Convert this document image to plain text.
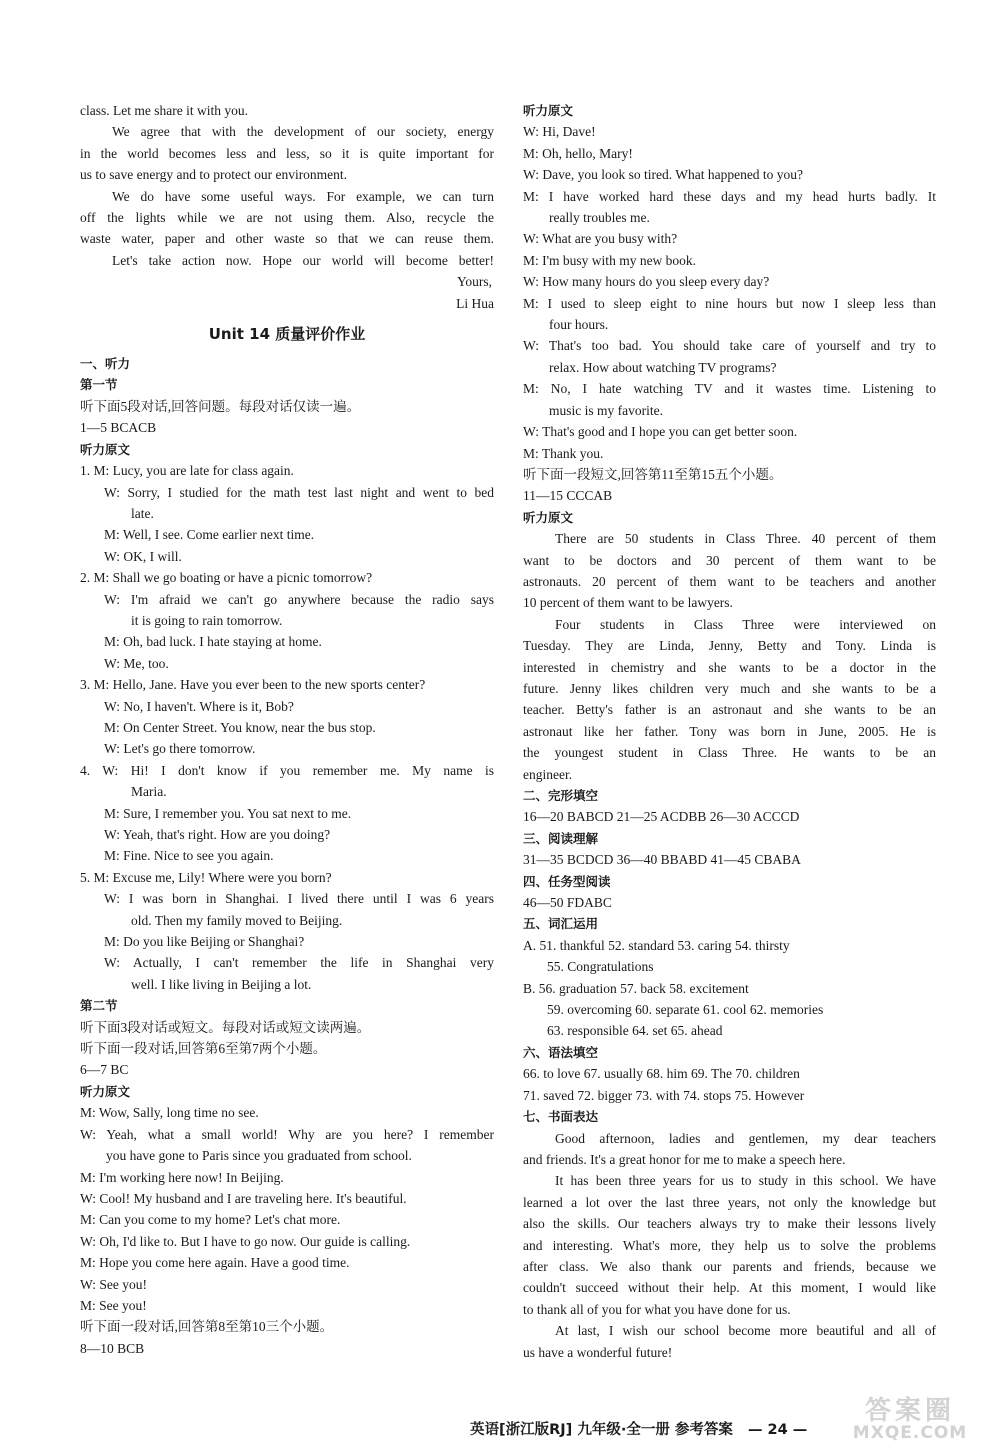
class. Let me share it with you.
We agree that with the development of our society, energy
in the world becomes less and less, so it is quite important for
us to save energy and to protect our environment.
We do have some useful ways. For example, we can turn
off the lights while we are not using them. Also, recycle the
waste water, paper and other waste so that we can reuse them.
Let's take action now. Hope our world will become better!
Yours,
Li Hua
Unit 14 质量评价作业
一、听力
第一节
听下面5段对话,回答问题。每段对话仅读一遍。
1—5 BCACB
听力原文
1. M: Lucy, you are late for class again.
W: Sorry, I studied for the math test last night and went to bed
late.
M: Well, I see. Come earlier next time.
W: OK, I will.
2. M: Shall we go boating or have a picnic tomorrow?
W: I'm afraid we can't go anywhere because the radio says
it is going to rain tomorrow.
M: Oh, bad luck. I hate staying at home.
W: Me, too.
3. M: Hello, Jane. Have you ever been to the new sports center?
W: No, I haven't. Where is it, Bob?
M: On Center Street. You know, near the bus stop.
W: Let's go there tomorrow.
4. W: Hi! I don't know if you remember me. My name is
Maria.
M: Sure, I remember you. You sat next to me.
W: Yeah, that's right. How are you doing?
M: Fine. Nice to see you again.
5. M: Excuse me, Lily! Where were you born?
W: I was born in Shanghai. I lived there until I was 6 years
old. Then my family moved to Beijing.
M: Do you like Beijing or Shanghai?
W: Actually, I can't remember the life in Shanghai very
well. I like living in Beijing a lot.
第二节
听下面3段对话或短文。每段对话或短文读两遍。
听下面一段对话,回答第6至第7两个小题。
6—7 BC
听力原文
M: Wow, Sally, long time no see.
W: Yeah, what a small world! Why are you here? I remember
you have gone to Paris since you graduated from school.
M: I'm working here now! In Beijing.
W: Cool! My husband and I are traveling here. It's beautiful.
M: Can you come to my home? Let's chat more.
W: Oh, I'd like to. But I have to go now. Our guide is calling.
M: Hope you come here again. Have a good time.
W: See you!
M: See you!
听下面一段对话,回答第8至第10三个小题。
8—10 BCB
听力原文
W: Hi, Dave!
M: Oh, hello, Mary!
W: Dave, you look so tired. What happened to you?
M: I have worked hard these days and my head hurts badly. It
really troubles me.
W: What are you busy with?
M: I'm busy with my new book.
W: How many hours do you sleep every day?
M: I used to sleep eight to nine hours but now I sleep less than
four hours.
W: That's too bad. You should take care of yourself and try to
relax. How about watching TV programs?
M: No, I hate watching TV and it wastes time. Listening to
music is my favorite.
W: That's good and I hope you can get better soon.
M: Thank you.
听下面一段短文,回答第11至第15五个小题。
11—15 CCCAB
听力原文
There are 50 students in Class Three. 40 percent of them
want to be doctors and 30 percent of them want to be
astronauts. 20 percent of them want to be teachers and another
10 percent of them want to be lawyers.
Four students in Class Three were interviewed on
Tuesday. They are Linda, Jenny, Betty and Tony. Linda is
interested in chemistry and she wants to be a doctor in the
future. Jenny likes children very much and she wants to be a
teacher. Betty's father is an astronaut and she wants to be an
astronaut like her father. Tony was born in June, 2005. He is
the youngest student in Class Three. He wants to be an
engineer.
二、完形填空
16—20 BABCD 21—25 ACDBB 26—30 ACCCD
三、阅读理解
31—35 BCDCD 36—40 BBABD 41—45 CBABA
四、任务型阅读
46—50 FDABC
五、词汇运用
A. 51. thankful 52. standard 53. caring 54. thirsty
55. Congratulations
B. 56. graduation 57. back 58. excitement
59. overcoming 60. separate 61. cool 62. memories
63. responsible 64. set 65. ahead
六、语法填空
66. to love 67. usually 68. him 69. The 70. children
71. saved 72. bigger 73. with 74. stops 75. However
七、书面表达
Good afternoon, ladies and gentlemen, my dear teachers
and friends. It's a great honor for me to make a speech here.
It has been three years for us to study in this school. We have
learned a lot over the last three years, not only the knowledge but
also the skills. Our teachers always try to make their lessons lively
and interesting. What's more, they help us to solve the problems
after class. We also thank our parents and friends, because we
couldn't succeed without their help. At this moment, I would like
to thank all of you for what you have done for us.
At last, I wish our school become more beautiful and all of
us have a wonderful future!
英语[浙江版RJ] 九年级·全一册 参考答案 — 24 —
答案圈
MXQE.COM
